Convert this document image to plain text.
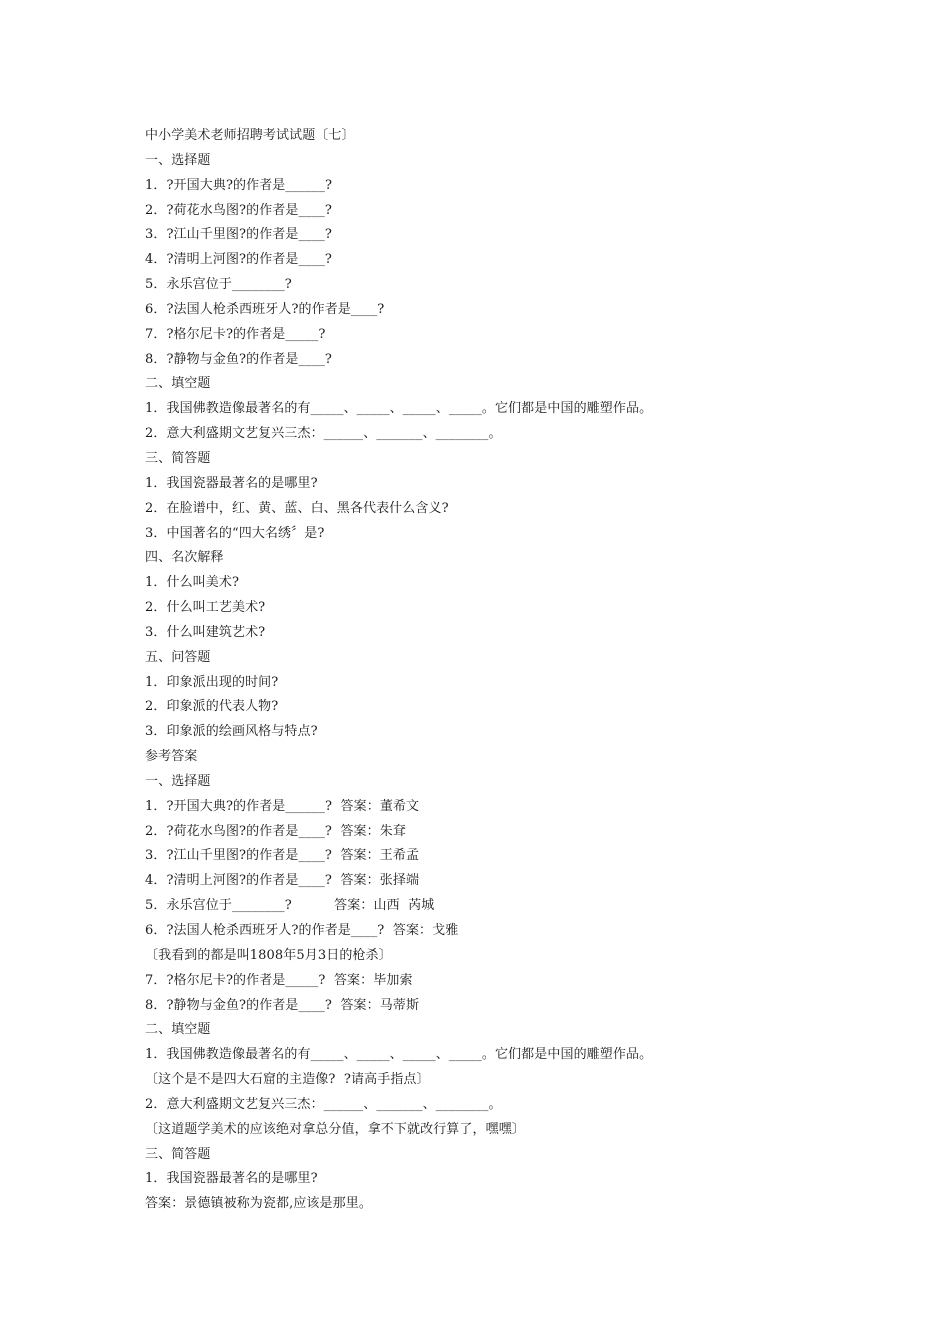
中小学美术老师招聘考试试题〔七〕
一、选择题
1．?开国大典?的作者是______?
2．?荷花水鸟图?的作者是____?
3．?江山千里图?的作者是____?
4．?清明上河图?的作者是____?
5．永乐宫位于________?
6．?法国人枪杀西班牙人?的作者是____?
7．?格尔尼卡?的作者是_____?
8．?静物与金鱼?的作者是____?
二、填空题
1．我国佛教造像最著名的有_____、_____、_____、_____。它们都是中国的雕塑作品。
2．意大利盛期文艺复兴三杰：______、_______、________。
三、简答题
1．我国瓷器最著名的是哪里?
2．在脸谱中，红、黄、蓝、白、黑各代表什么含义?
3．中国著名的“四大名绣〞是?
四、名次解释
1．什么叫美术?
2．什么叫工艺美术?
3．什么叫建筑艺术?
五、问答题
1．印象派出现的时间?
2．印象派的代表人物?
3．印象派的绘画风格与特点?
参考答案
一、选择题
1．?开国大典?的作者是______?  答案：董希文
2．?荷花水鸟图?的作者是____?  答案：朱耷
3．?江山千里图?的作者是____?  答案：王希孟
4．?清明上河图?的作者是____?  答案：张择端
5．永乐宫位于________?          答案：山西  芮城
6．?法国人枪杀西班牙人?的作者是____?  答案：戈雅
〔我看到的都是叫1808年5月3日的枪杀〕
7．?格尔尼卡?的作者是_____?  答案：毕加索
8．?静物与金鱼?的作者是____?  答案：马蒂斯
二、填空题
1．我国佛教造像最著名的有_____、_____、_____、_____。它们都是中国的雕塑作品。
〔这个是不是四大石窟的主造像?  ?请高手指点〕
2．意大利盛期文艺复兴三杰：______、_______、________。
〔这道题学美术的应该绝对拿总分值，拿不下就改行算了，嘿嘿〕
三、简答题
1．我国瓷器最著名的是哪里?
答案：景德镇被称为瓷都,应该是那里。
